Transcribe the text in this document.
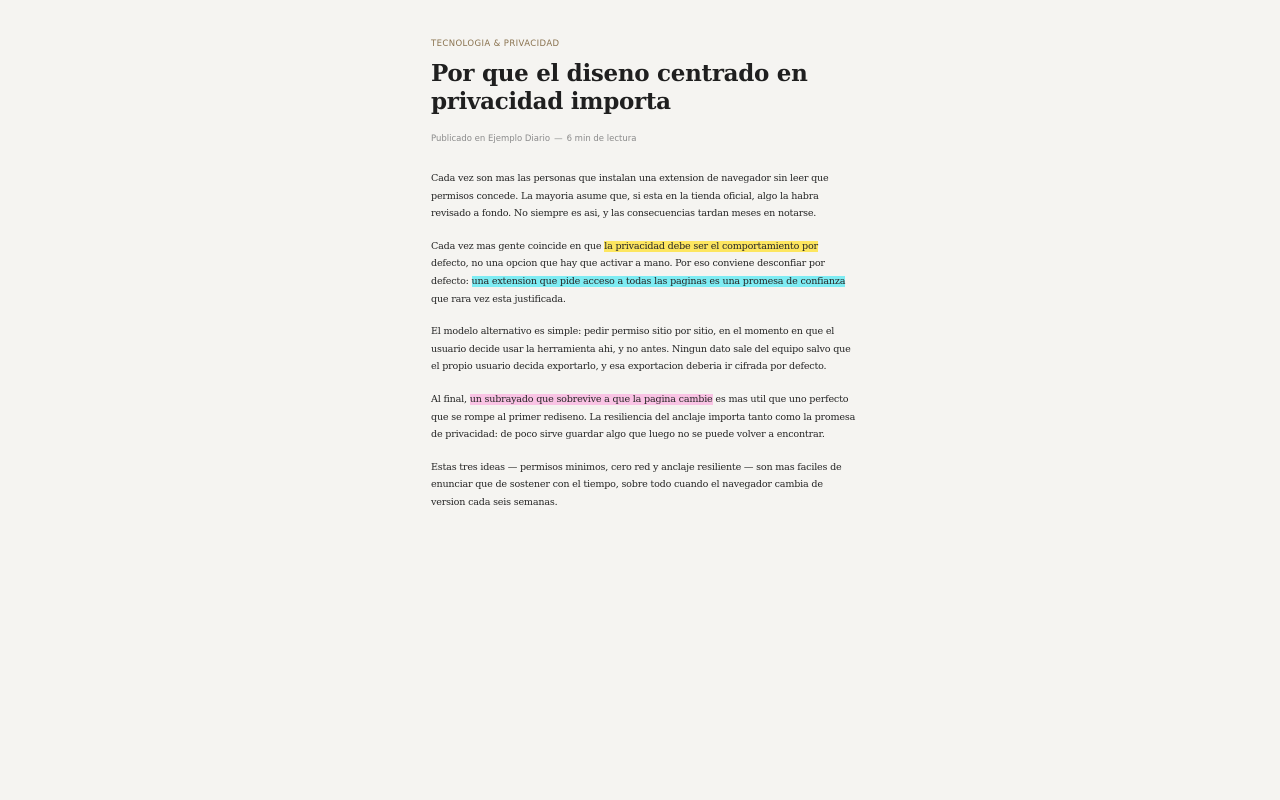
TECNOLOGIA & PRIVACIDAD

Por que el diseno centrado en privacidad importa

Publicado en Ejemplo Diario — 6 min de lectura

Cada vez son mas las personas que instalan una extension de navegador sin leer que permisos concede. La mayoria asume que, si esta en la tienda oficial, algo la habra revisado a fondo. No siempre es asi, y las consecuencias tardan meses en notarse.

Cada vez mas gente coincide en que la privacidad debe ser el comportamiento por defecto, no una opcion que hay que activar a mano. Por eso conviene desconfiar por defecto: una extension que pide acceso a todas las paginas es una promesa de confianza que rara vez esta justificada.

El modelo alternativo es simple: pedir permiso sitio por sitio, en el momento en que el usuario decide usar la herramienta ahi, y no antes. Ningun dato sale del equipo salvo que el propio usuario decida exportarlo, y esa exportacion deberia ir cifrada por defecto.

Al final, un subrayado que sobrevive a que la pagina cambie es mas util que uno perfecto que se rompe al primer rediseno. La resiliencia del anclaje importa tanto como la promesa de privacidad: de poco sirve guardar algo que luego no se puede volver a encontrar.

Estas tres ideas — permisos minimos, cero red y anclaje resiliente — son mas faciles de enunciar que de sostener con el tiempo, sobre todo cuando el navegador cambia de version cada seis semanas.
